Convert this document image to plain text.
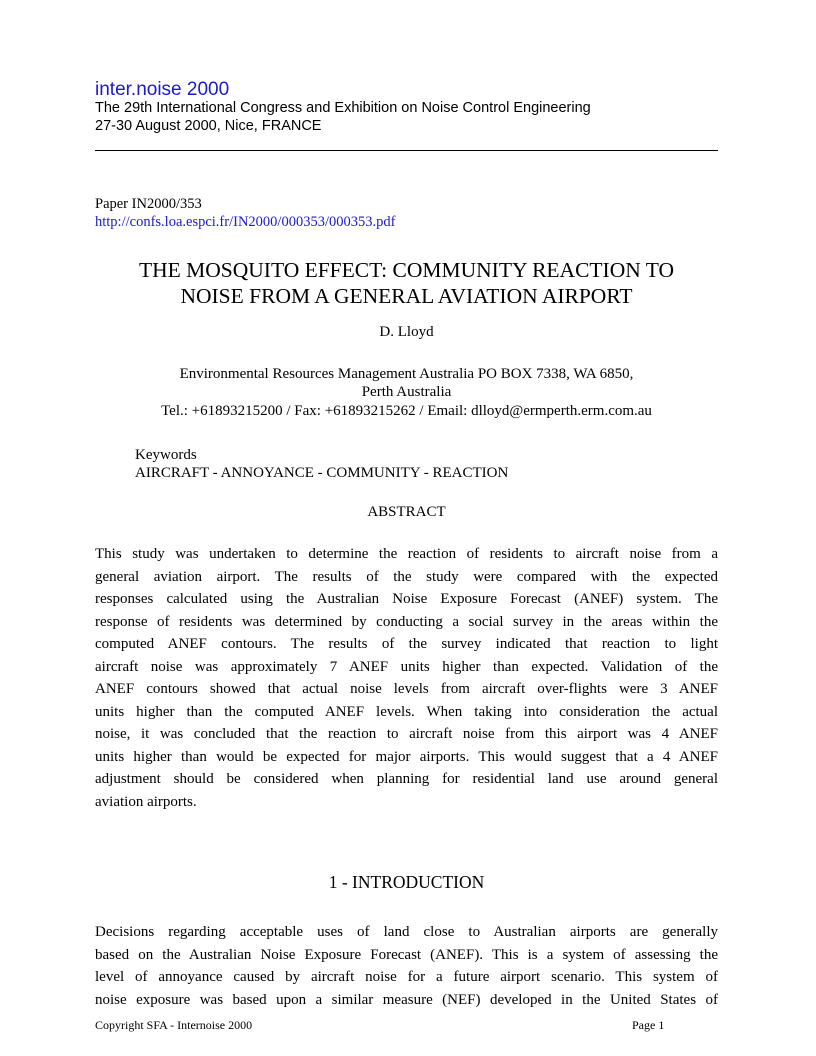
inter.noise 2000
The 29th International Congress and Exhibition on Noise Control Engineering
27-30 August 2000, Nice, FRANCE
Paper IN2000/353
http://confs.loa.espci.fr/IN2000/000353/000353.pdf
THE MOSQUITO EFFECT: COMMUNITY REACTION TO
NOISE FROM A GENERAL AVIATION AIRPORT
D. Lloyd
Environmental Resources Management Australia PO BOX 7338, WA 6850,
Perth Australia
Tel.: +61893215200 / Fax: +61893215262 / Email: dlloyd@ermperth.erm.com.au
Keywords
AIRCRAFT - ANNOYANCE - COMMUNITY - REACTION
ABSTRACT
This study was undertaken to determine the reaction of residents to aircraft noise from a
general aviation airport. The results of the study were compared with the expected
responses calculated using the Australian Noise Exposure Forecast (ANEF) system. The
response of residents was determined by conducting a social survey in the areas within the
computed ANEF contours. The results of the survey indicated that reaction to light
aircraft noise was approximately 7 ANEF units higher than expected. Validation of the
ANEF contours showed that actual noise levels from aircraft over-flights were 3 ANEF
units higher than the computed ANEF levels. When taking into consideration the actual
noise, it was concluded that the reaction to aircraft noise from this airport was 4 ANEF
units higher than would be expected for major airports. This would suggest that a 4 ANEF
adjustment should be considered when planning for residential land use around general
aviation airports.
1 - INTRODUCTION
Decisions regarding acceptable uses of land close to Australian airports are generally
based on the Australian Noise Exposure Forecast (ANEF). This is a system of assessing the
level of annoyance caused by aircraft noise for a future airport scenario. This system of
noise exposure was based upon a similar measure (NEF) developed in the United States of
Copyright SFA - Internoise 2000	Page 1
